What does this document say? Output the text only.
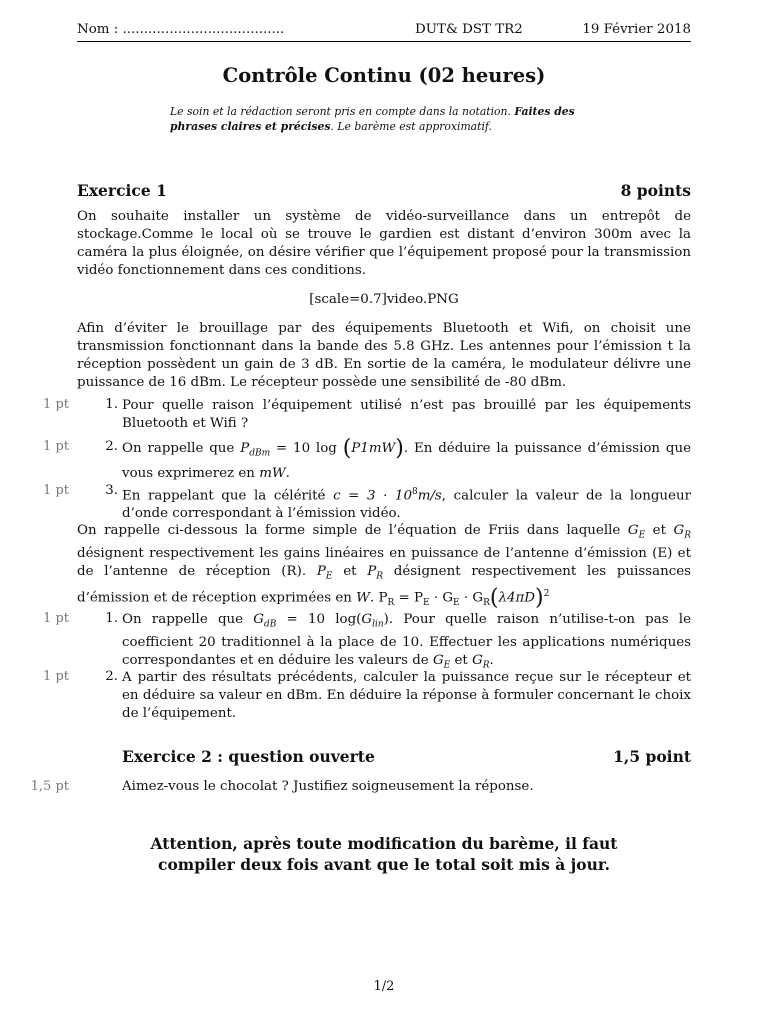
Nom : ......................................	DUT& DST TR2	19 Février 2018
Contrôle Continu (02 heures)
Le soin et la rédaction seront pris en compte dans la notation. Faites des phrases claires et précises. Le barème est approximatif.
Exercice 1	8 points
On souhaite installer un système de vidéo-surveillance dans un entrepôt de stockage.Comme le local où se trouve le gardien est distant d’environ 300m avec la caméra la plus éloignée, on désire vérifier que l’équipement proposé pour la transmission vidéo fonctionnement dans ces conditions.
[scale=0.7]video.PNG
Afin d’éviter le brouillage par des équipements Bluetooth et Wifi, on choisit une transmission fonctionnant dans la bande des 5.8 GHz. Les antennes pour l’émission t la réception possèdent un gain de 3 dB. En sortie de la caméra, le modulateur délivre une puissance de 16 dBm. Le récepteur possède une sensibilité de -80 dBm.
1 pt	1. Pour quelle raison l’équipement utilisé n’est pas brouillé par les équipements Bluetooth et Wifi ?
1 pt	2. On rappelle que $P_{dBm} = 10$ log (P1mW). En déduire la puissance d’émission que vous exprimerez en mW.
1 pt	3. En rappelant que la célérité $c = 3 \cdot 10^8m/s$, calculer la valeur de la longueur d’onde correspondant à l’émission vidéo.
On rappelle ci-dessous la forme simple de l’équation de Friis dans laquelle $G_E$ et $G_R$ désignent respectivement les gains linéaires en puissance de l’antenne d’émission (E) et de l’antenne de réception (R). $P_E$ et $P_R$ désignent respectivement les puissances d’émission et de réception exprimées en W. $P_R = P_E \cdot G_E \cdot G_R(\lambda 4\pi D)^2$
1 pt	1. On rappelle que $G_{dB} = 10$ $\log(G_{lin})$. Pour quelle raison n’utilise-t-on pas le coefficient 20 traditionnel à la place de 10. Effectuer les applications numériques correspondantes et en déduire les valeurs de $G_E$ et $G_R$.
1 pt	2. A partir des résultats précédents, calculer la puissance reçue sur le récepteur et en déduire sa valeur en dBm. En déduire la réponse à formuler concernant le choix de l’équipement.
Exercice 2 : question ouverte	1,5 point
1,5 pt	Aimez-vous le chocolat ? Justifiez soigneusement la réponse.
Attention, après toute modification du barème, il faut
compiler deux fois avant que le total soit mis à jour.
1/2
